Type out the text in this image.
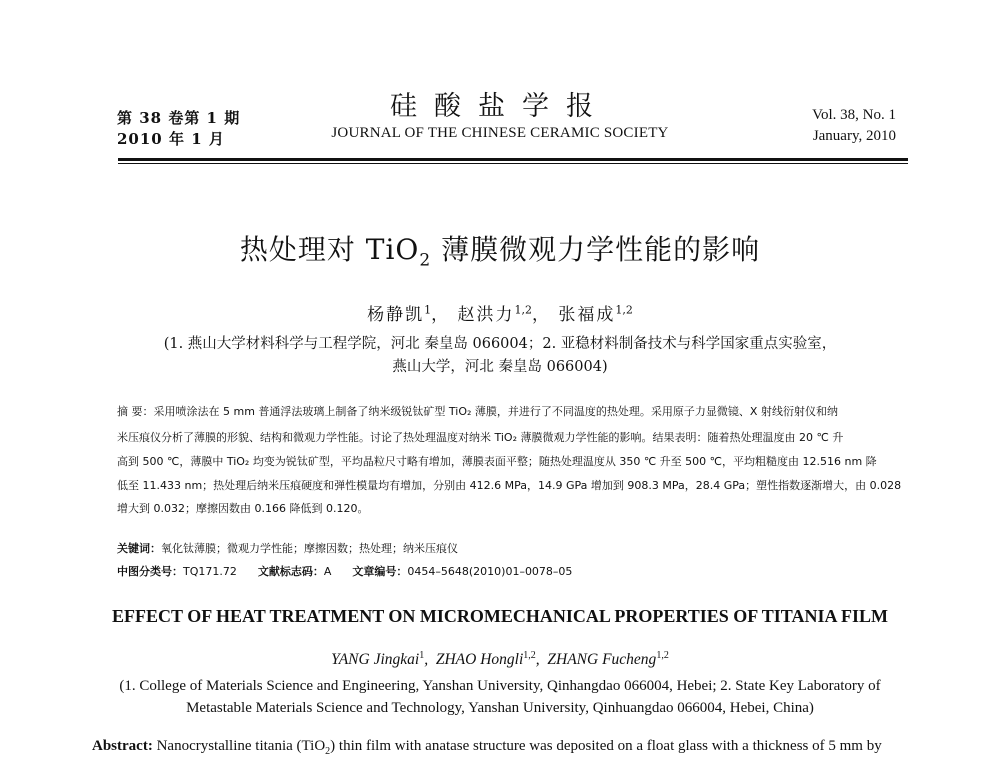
第 38 卷第 1 期
2010 年 1 月
硅酸盐学报
JOURNAL OF THE CHINESE CERAMIC SOCIETY
Vol. 38, No. 1
January, 2010
热处理对 TiO$_2$ 薄膜微观力学性能的影响
杨静凯$^1$， 赵洪力$^{1,2}$， 张福成$^{1,2}$
(1. 燕山大学材料科学与工程学院，河北 秦皇岛 066004；2. 亚稳材料制备技术与科学国家重点实验室，
燕山大学，河北 秦皇岛 066004)
摘 要：采用喷涂法在 5 mm 普通浮法玻璃上制备了纳米级锐钛矿型 TiO₂ 薄膜，并进行了不同温度的热处理。采用原子力显微镜、X 射线衍射仪和纳
米压痕仪分析了薄膜的形貌、结构和微观力学性能。讨论了热处理温度对纳米 TiO₂ 薄膜微观力学性能的影响。结果表明：随着热处理温度由 20 ℃ 升
高到 500 ℃，薄膜中 TiO₂ 均变为锐钛矿型，平均晶粒尺寸略有增加，薄膜表面平整；随热处理温度从 350 ℃ 升至 500 ℃，平均粗糙度由 12.516 nm 降
低至 11.433 nm；热处理后纳米压痕硬度和弹性模量均有增加，分别由 412.6 MPa，14.9 GPa 增加到 908.3 MPa，28.4 GPa；塑性指数逐渐增大，由 0.028
增大到 0.032；摩擦因数由 0.166 降低到 0.120。
关键词：氧化钛薄膜；微观力学性能；摩擦因数；热处理；纳米压痕仪
中图分类号：TQ171.72 文献标志码：A 文章编号：0454–5648(2010)01–0078–05
EFFECT OF HEAT TREATMENT ON MICROMECHANICAL PROPERTIES OF TITANIA FILM
YANG Jingkai$^1$,  ZHAO Hongli$^{1,2}$,  ZHANG Fucheng$^{1,2}$
(1. College of Materials Science and Engineering, Yanshan University, Qinhangdao 066004, Hebei; 2. State Key Laboratory of
Metastable Materials Science and Technology, Yanshan University, Qinhuangdao 066004, Hebei, China)
Abstract: Nanocrystalline titania (TiO$_2$) thin film with anatase structure was deposited on a float glass with a thickness of 5 mm by
